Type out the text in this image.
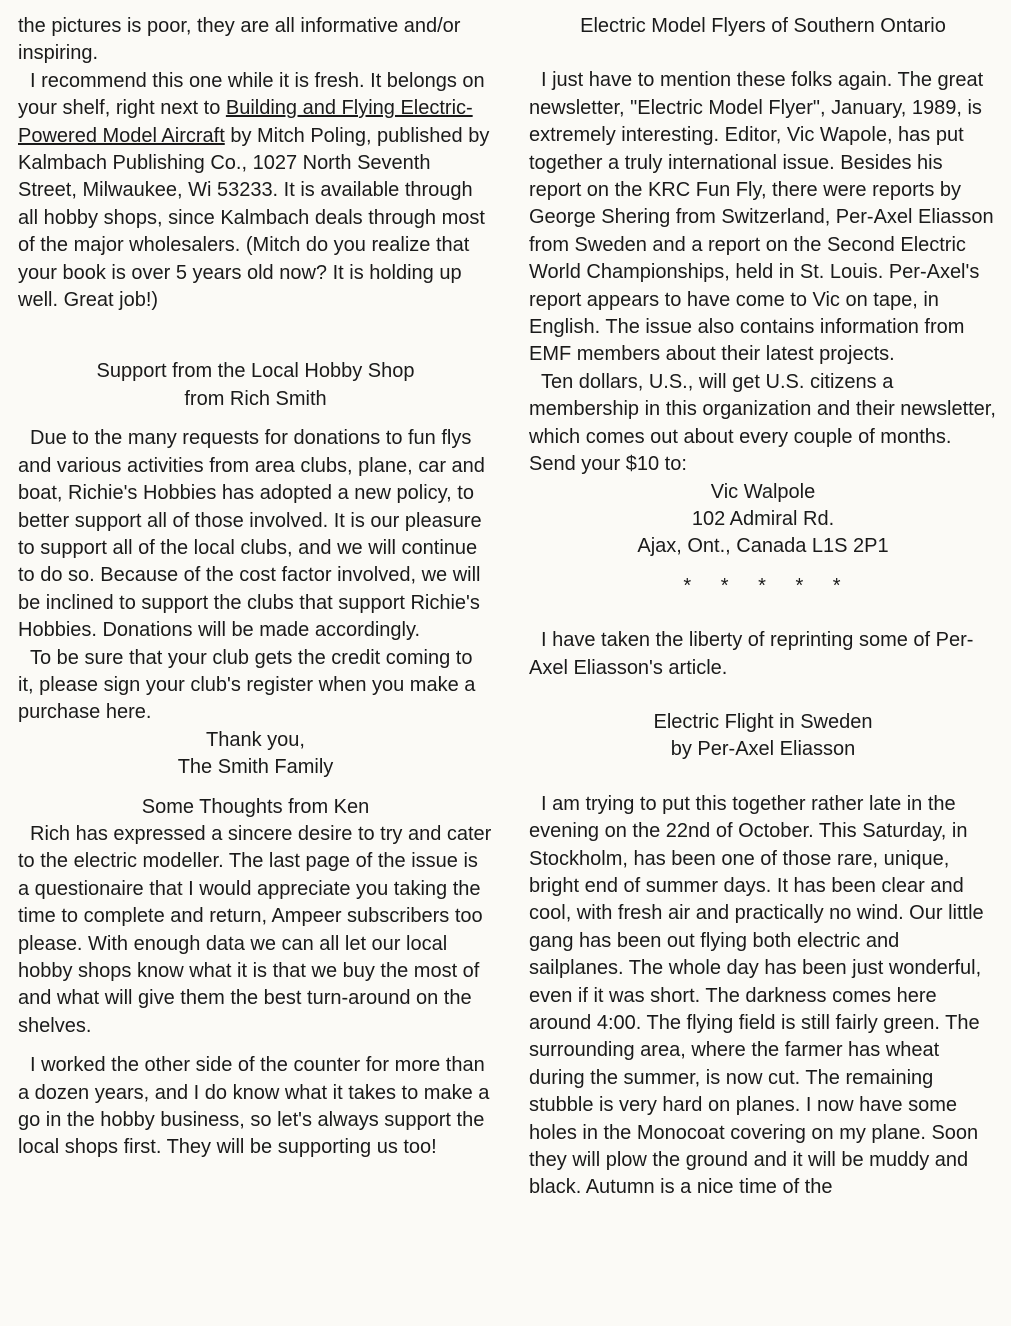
the pictures is poor, they are all informative and/or inspiring.

I recommend this one while it is fresh. It belongs on your shelf, right next to Building and Flying Electric-Powered Model Aircraft by Mitch Poling, published by Kalmbach Publishing Co., 1027 North Seventh Street, Milwaukee, Wi 53233. It is available through all hobby shops, since Kalmbach deals through most of the major wholesalers. (Mitch do you realize that your book is over 5 years old now? It is holding up well. Great job!)

Support from the Local Hobby Shop

from Rich Smith

Due to the many requests for donations to fun flys and various activities from area clubs, plane, car and boat, Richie's Hobbies has adopted a new policy, to better support all of those involved. It is our pleasure to support all of the local clubs, and we will continue to do so. Because of the cost factor involved, we will be inclined to support the clubs that support Richie's Hobbies. Donations will be made accordingly.

To be sure that your club gets the credit coming to it, please sign your club's register when you make a purchase here.

Thank you,

The Smith Family

Some Thoughts from Ken

Rich has expressed a sincere desire to try and cater to the electric modeller. The last page of the issue is a questionaire that I would appreciate you taking the time to complete and return, Ampeer subscribers too please. With enough data we can all let our local hobby shops know what it is that we buy the most of and what will give them the best turn-around on the shelves.

I worked the other side of the counter for more than a dozen years, and I do know what it takes to make a go in the hobby business, so let's always support the local shops first. They will be supporting us too!

Electric Model Flyers of Southern Ontario

I just have to mention these folks again. The great newsletter, "Electric Model Flyer", January, 1989, is extremely interesting. Editor, Vic Wapole, has put together a truly international issue. Besides his report on the KRC Fun Fly, there were reports by George Shering from Switzerland, Per-Axel Eliasson from Sweden and a report on the Second Electric World Championships, held in St. Louis. Per-Axel's report appears to have come to Vic on tape, in English. The issue also contains information from EMF members about their latest projects.

Ten dollars, U.S., will get U.S. citizens a membership in this organization and their newsletter, which comes out about every couple of months. Send your $10 to:

Vic Walpole

102 Admiral Rd.

Ajax, Ont., Canada L1S 2P1

* * * * *

I have taken the liberty of reprinting some of Per-Axel Eliasson's article.

Electric Flight in Sweden

by Per-Axel Eliasson

I am trying to put this together rather late in the evening on the 22nd of October. This Saturday, in Stockholm, has been one of those rare, unique, bright end of summer days. It has been clear and cool, with fresh air and practically no wind. Our little gang has been out flying both electric and sailplanes. The whole day has been just wonderful, even if it was short. The darkness comes here around 4:00. The flying field is still fairly green. The surrounding area, where the farmer has wheat during the summer, is now cut. The remaining stubble is very hard on planes. I now have some holes in the Monocoat covering on my plane. Soon they will plow the ground and it will be muddy and black. Autumn is a nice time of the
